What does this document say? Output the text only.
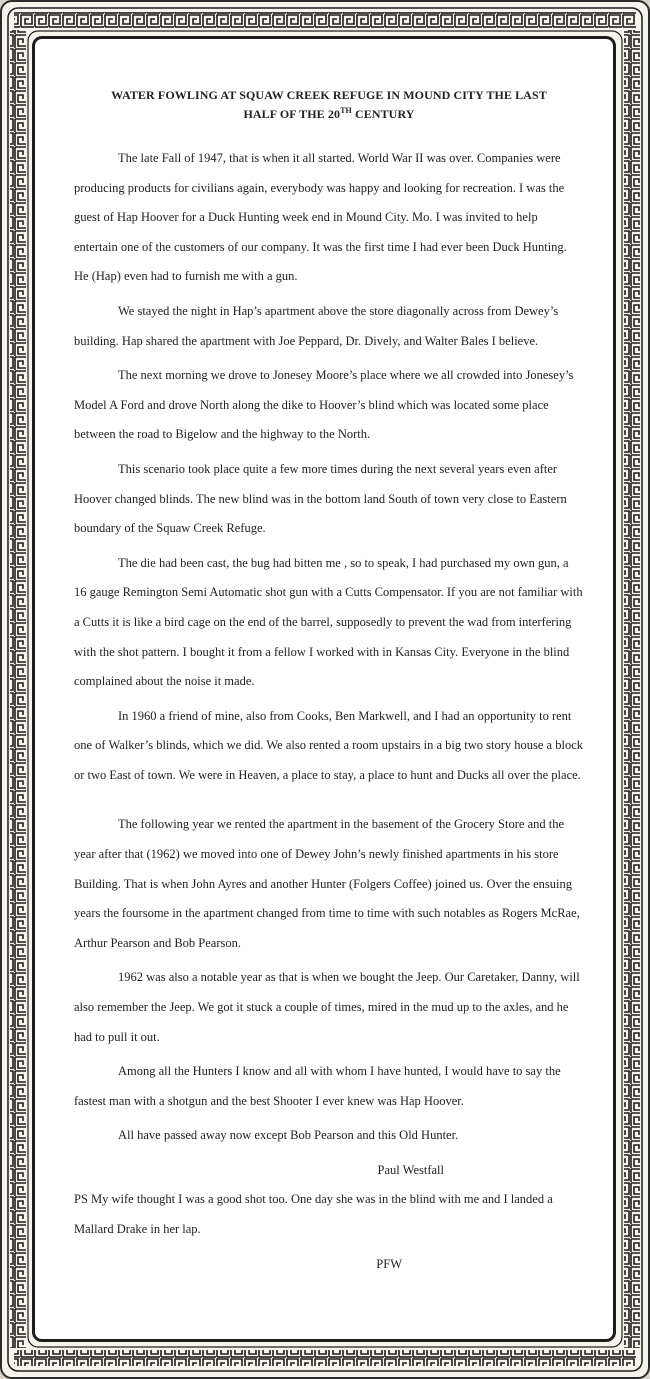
WATER FOWLING AT SQUAW CREEK REFUGE IN MOUND CITY THE LAST
HALF OF THE 20TH CENTURY

The late Fall of 1947, that is when it all started. World War II was over. Companies were producing products for civilians again, everybody was happy and looking for recreation. I was the guest of Hap Hoover for a Duck Hunting week end in Mound City. Mo. I was invited to help entertain one of the customers of our company. It was the first time I had ever been Duck Hunting. He (Hap) even had to furnish me with a gun.

We stayed the night in Hap’s apartment above the store diagonally across from Dewey’s building. Hap shared the apartment with Joe Peppard, Dr. Dively, and Walter Bales I believe.

The next morning we drove to Jonesey Moore’s place where we all crowded into Jonesey’s Model A Ford and drove North along the dike to Hoover’s blind which was located some place between the road to Bigelow and the highway to the North.

This scenario took place quite a few more times during the next several years even after Hoover changed blinds. The new blind was in the bottom land South of town very close to Eastern boundary of the Squaw Creek Refuge.

The die had been cast, the bug had bitten me , so to speak, I had purchased my own gun, a 16 gauge Remington Semi Automatic shot gun with a Cutts Compensator. If you are not familiar with a Cutts it is like a bird cage on the end of the barrel, supposedly to prevent the wad from interfering with the shot pattern. I bought it from a fellow I worked with in Kansas City. Everyone in the blind complained about the noise it made.

In 1960 a friend of mine, also from Cooks, Ben Markwell, and I had an opportunity to rent one of Walker’s blinds, which we did. We also rented a room upstairs in a big two story house a block or two East of town. We were in Heaven, a place to stay, a place to hunt and Ducks all over the place.

The following year we rented the apartment in the basement of the Grocery Store and the year after that (1962) we moved into one of Dewey John’s newly finished apartments in his store Building. That is when John Ayres and another Hunter (Folgers Coffee) joined us. Over the ensuing years the foursome in the apartment changed from time to time with such notables as Rogers McRae, Arthur Pearson and Bob Pearson.

1962 was also a notable year as that is when we bought the Jeep. Our Caretaker, Danny, will also remember the Jeep. We got it stuck a couple of times, mired in the mud up to the axles, and he had to pull it out.

Among all the Hunters I know and all with whom I have hunted, I would have to say the fastest man with a shotgun and the best Shooter I ever knew was Hap Hoover.

All have passed away now except Bob Pearson and this Old Hunter.

Paul Westfall

PS My wife thought I was a good shot too. One day she was in the blind with me and I landed a Mallard Drake in her lap.

PFW
